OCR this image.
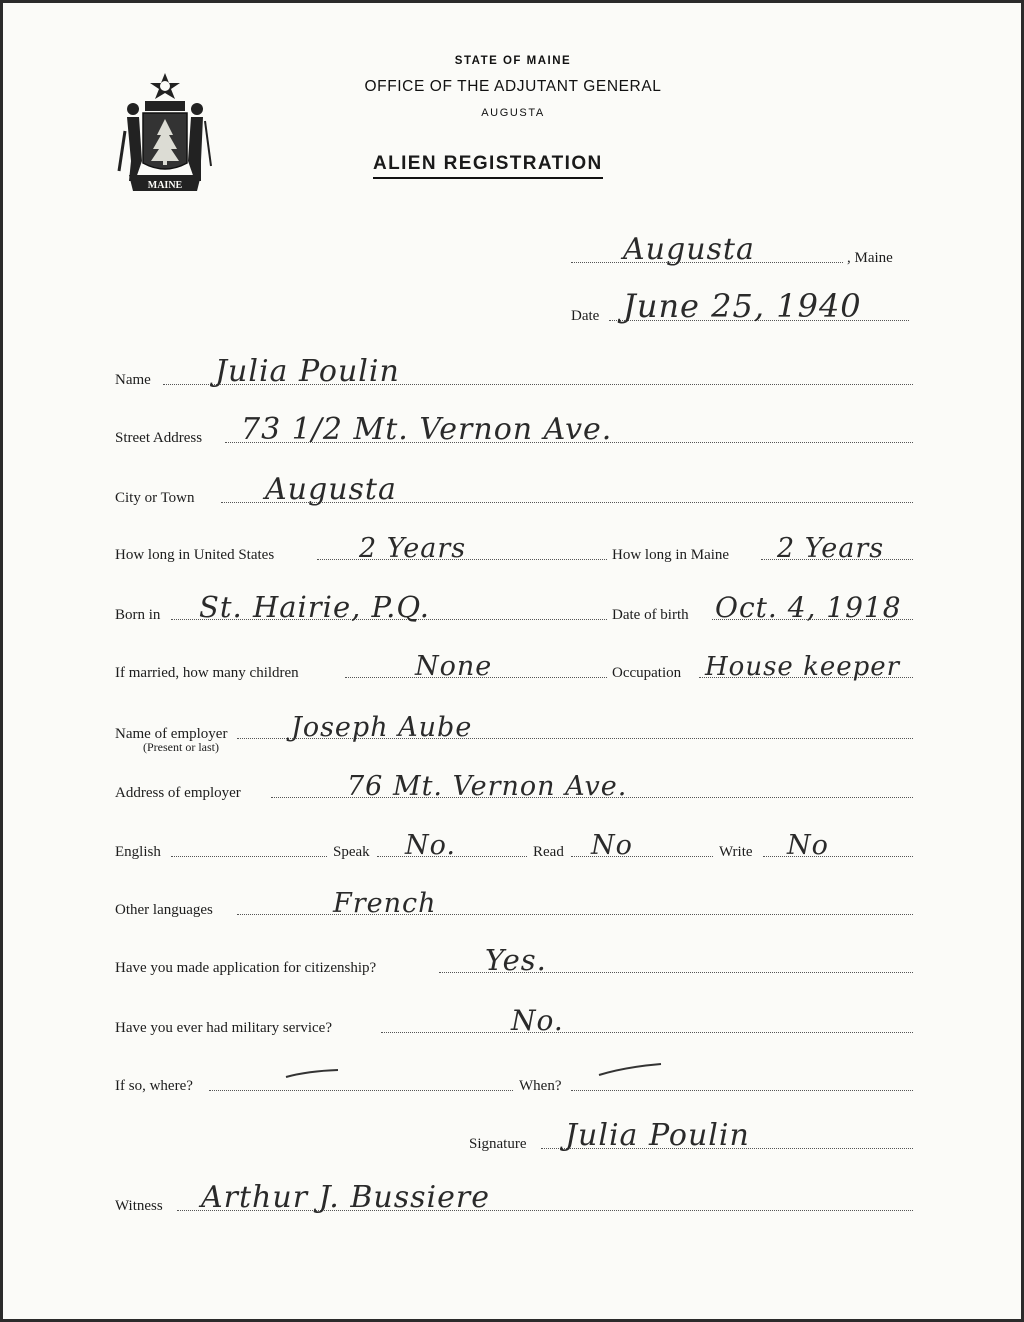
MAINE
STATE OF MAINE
OFFICE OF THE ADJUTANT GENERAL
AUGUSTA
ALIEN REGISTRATION
Augusta	, Maine
Date June 25, 1940
Name Julia Poulin
Street Address 73 1/2 Mt. Vernon Ave.
City or Town Augusta
How long in United States	2 Years	How long in Maine 2 Years
Born in St. Hairie, P.Q.	Date of birth Oct. 4, 1918
If married, how many children	None	Occupation House keeper
Name of employer Joseph Aube
(Present or last)
Address of employer	76 Mt. Vernon Ave.
English	Speak No.	Read No	Write No
Other languages	French
Have you made application for citizenship?	Yes.
Have you ever had military service?	No.
If so, where?	When?
Signature Julia Poulin
Witness Arthur J. Bussiere
